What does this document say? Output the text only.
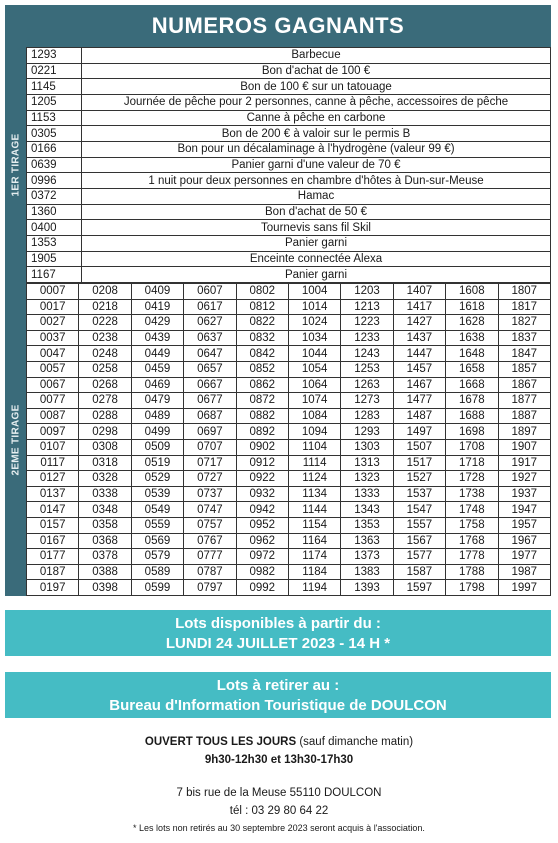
NUMEROS GAGNANTS
1ER TIRAGE
1293	Barbecue
0221	Bon d'achat de 100 €
1145	Bon de 100 € sur un tatouage
1205	Journée de pêche pour 2 personnes, canne à pêche, accessoires de pêche
1153	Canne à pêche en carbone
0305	Bon de 200 € à valoir sur le permis B
0166	Bon pour un décalaminage à l'hydrogène (valeur 99 €)
0639	Panier garni d'une valeur de 70 €
0996	1 nuit pour deux personnes en chambre d'hôtes à Dun-sur-Meuse
0372	Hamac
1360	Bon d'achat de 50 €
0400	Tournevis sans fil Skil
1353	Panier garni
1905	Enceinte connectée Alexa
1167	Panier garni
2EME TIRAGE
0007	0208	0409	0607	0802	1004	1203	1407	1608	1807
0017	0218	0419	0617	0812	1014	1213	1417	1618	1817
0027	0228	0429	0627	0822	1024	1223	1427	1628	1827
0037	0238	0439	0637	0832	1034	1233	1437	1638	1837
0047	0248	0449	0647	0842	1044	1243	1447	1648	1847
0057	0258	0459	0657	0852	1054	1253	1457	1658	1857
0067	0268	0469	0667	0862	1064	1263	1467	1668	1867
0077	0278	0479	0677	0872	1074	1273	1477	1678	1877
0087	0288	0489	0687	0882	1084	1283	1487	1688	1887
0097	0298	0499	0697	0892	1094	1293	1497	1698	1897
0107	0308	0509	0707	0902	1104	1303	1507	1708	1907
0117	0318	0519	0717	0912	1114	1313	1517	1718	1917
0127	0328	0529	0727	0922	1124	1323	1527	1728	1927
0137	0338	0539	0737	0932	1134	1333	1537	1738	1937
0147	0348	0549	0747	0942	1144	1343	1547	1748	1947
0157	0358	0559	0757	0952	1154	1353	1557	1758	1957
0167	0368	0569	0767	0962	1164	1363	1567	1768	1967
0177	0378	0579	0777	0972	1174	1373	1577	1778	1977
0187	0388	0589	0787	0982	1184	1383	1587	1788	1987
0197	0398	0599	0797	0992	1194	1393	1597	1798	1997
Lots disponibles à partir du :
LUNDI 24 JUILLET 2023 - 14 H *
Lots à retirer au :
Bureau d'Information Touristique de DOULCON
OUVERT TOUS LES JOURS (sauf dimanche matin)
9h30-12h30 et 13h30-17h30
7 bis rue de la Meuse 55110 DOULCON
tél : 03 29 80 64 22
* Les lots non retirés au 30 septembre 2023 seront acquis à l'association.
